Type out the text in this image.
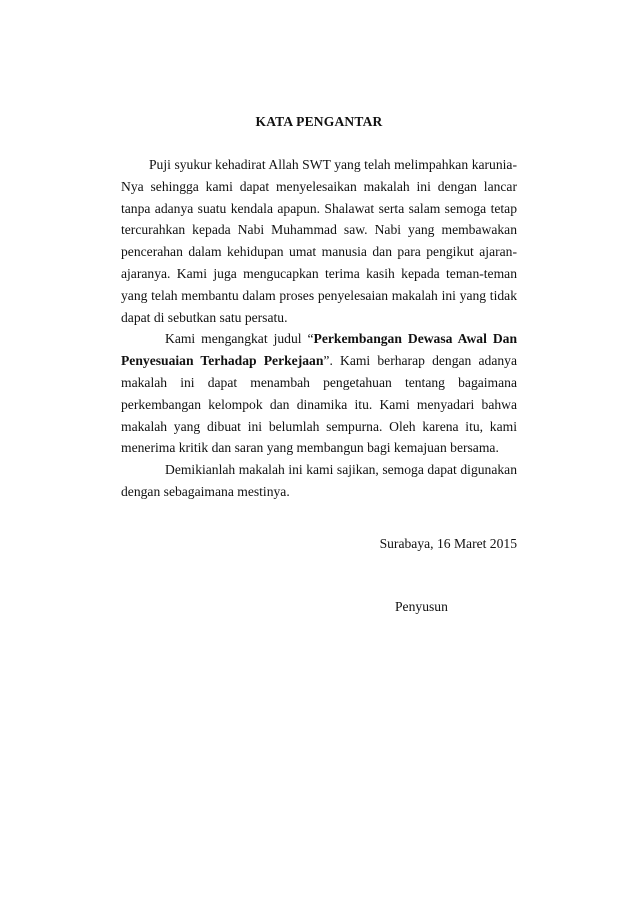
KATA PENGANTAR

Puji syukur kehadirat Allah SWT yang telah melimpahkan karunia-Nya sehingga kami dapat menyelesaikan makalah ini dengan lancar tanpa adanya suatu kendala apapun. Shalawat serta salam semoga tetap tercurahkan kepada Nabi Muhammad saw. Nabi yang membawakan pencerahan dalam kehidupan umat manusia dan para pengikut ajaran-ajaranya. Kami juga mengucapkan terima kasih kepada teman-teman yang telah membantu dalam proses penyelesaian makalah ini yang tidak dapat di sebutkan satu persatu.

Kami mengangkat judul “Perkembangan Dewasa Awal Dan Penyesuaian Terhadap Perkejaan”. Kami berharap dengan adanya makalah ini dapat menambah pengetahuan tentang bagaimana perkembangan kelompok dan dinamika itu. Kami menyadari bahwa makalah yang dibuat ini belumlah sempurna. Oleh karena itu, kami menerima kritik dan saran yang membangun bagi kemajuan bersama.

Demikianlah makalah ini kami sajikan, semoga dapat digunakan dengan sebagaimana mestinya.

Surabaya, 16 Maret 2015
Penyusun
